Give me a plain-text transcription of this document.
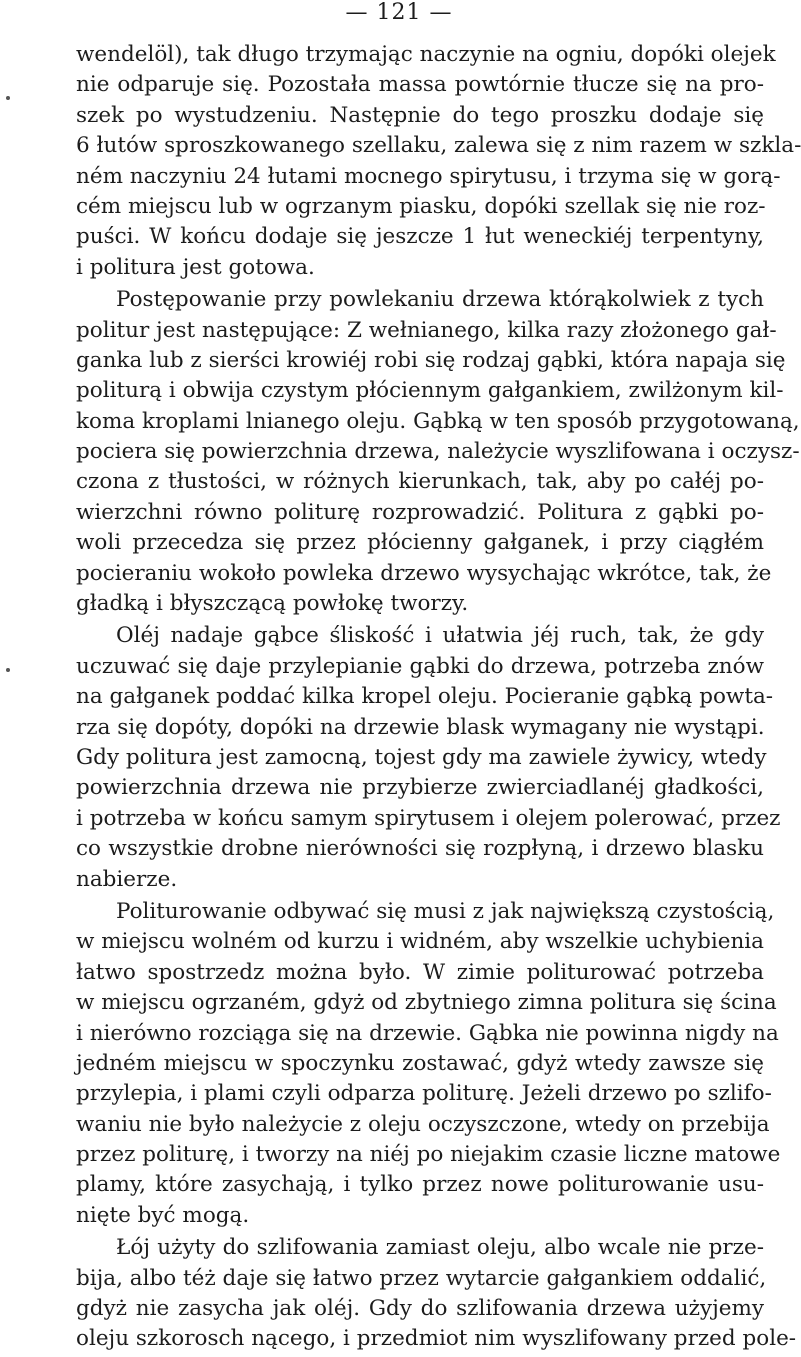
— 121 —
wendelöl), tak długo trzymając naczynie na ogniu, dopóki olejek
nie odparuje się. Pozostała massa powtórnie tłucze się na pro-
szek po wystudzeniu. Następnie do tego proszku dodaje się
6 łutów sproszkowanego szellaku, zalewa się z nim razem w szkla-
ném naczyniu 24 łutami mocnego spirytusu, i trzyma się w gorą-
cém miejscu lub w ogrzanym piasku, dopóki szellak się nie roz-
puści. W końcu dodaje się jeszcze 1 łut weneckiéj terpentyny,
i politura jest gotowa.
Postępowanie przy powlekaniu drzewa którąkolwiek z tych
politur jest następujące: Z wełnianego, kilka razy złożonego gał-
ganka lub z sierści krowiéj robi się rodzaj gąbki, która napaja się
politurą i obwija czystym płóciennym gałgankiem, zwilżonym kil-
koma kroplami lnianego oleju. Gąbką w ten sposób przygotowaną,
pociera się powierzchnia drzewa, należycie wyszlifowana i oczysz-
czona z tłustości, w różnych kierunkach, tak, aby po całéj po-
wierzchni równo politurę rozprowadzić. Politura z gąbki po-
woli przecedza się przez płócienny gałganek, i przy ciągłém
pocieraniu wokoło powleka drzewo wysychając wkrótce, tak, że
gładką i błyszczącą powłokę tworzy.
Oléj nadaje gąbce śliskość i ułatwia jéj ruch, tak, że gdy
uczuwać się daje przylepianie gąbki do drzewa, potrzeba znów
na gałganek poddać kilka kropel oleju. Pocieranie gąbką powta-
rza się dopóty, dopóki na drzewie blask wymagany nie wystąpi.
Gdy politura jest zamocną, tojest gdy ma zawiele żywicy, wtedy
powierzchnia drzewa nie przybierze zwierciadlanéj gładkości,
i potrzeba w końcu samym spirytusem i olejem polerować, przez
co wszystkie drobne nierówności się rozpłyną, i drzewo blasku
nabierze.
Politurowanie odbywać się musi z jak największą czystością,
w miejscu wolném od kurzu i widném, aby wszelkie uchybienia
łatwo spostrzedz można było. W zimie politurować potrzeba
w miejscu ogrzaném, gdyż od zbytniego zimna politura się ścina
i nierówno rozciąga się na drzewie. Gąbka nie powinna nigdy na
jedném miejscu w spoczynku zostawać, gdyż wtedy zawsze się
przylepia, i plami czyli odparza politurę. Jeżeli drzewo po szlifo-
waniu nie było należycie z oleju oczyszczone, wtedy on przebija
przez politurę, i tworzy na niéj po niejakim czasie liczne matowe
plamy, które zasychają, i tylko przez nowe politurowanie usu-
nięte być mogą.
Łój użyty do szlifowania zamiast oleju, albo wcale nie prze-
bija, albo téż daje się łatwo przez wytarcie gałgankiem oddalić,
gdyż nie zasycha jak oléj. Gdy do szlifowania drzewa użyjemy
oleju szkorosch nącego, i przedmiot nim wyszlifowany przed pole-
